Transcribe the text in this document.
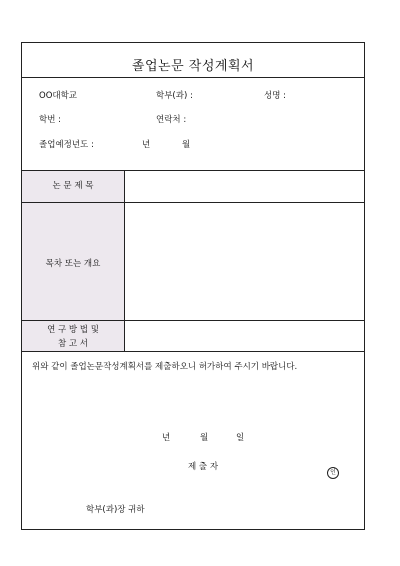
졸업논문 작성계획서
OO대학교	학부(과) :	성명 :
학번 :	연락처 :
졸업예정년도 :	년	월
논 문 제 목
목차 또는 개요
연 구 방 법 및
참 고 서
위와 같이 졸업논문작성계획서를 제출하오니 허가하여 주시기 바랍니다.
년	월	일
제 출 자
인
학부(과)장 귀하
